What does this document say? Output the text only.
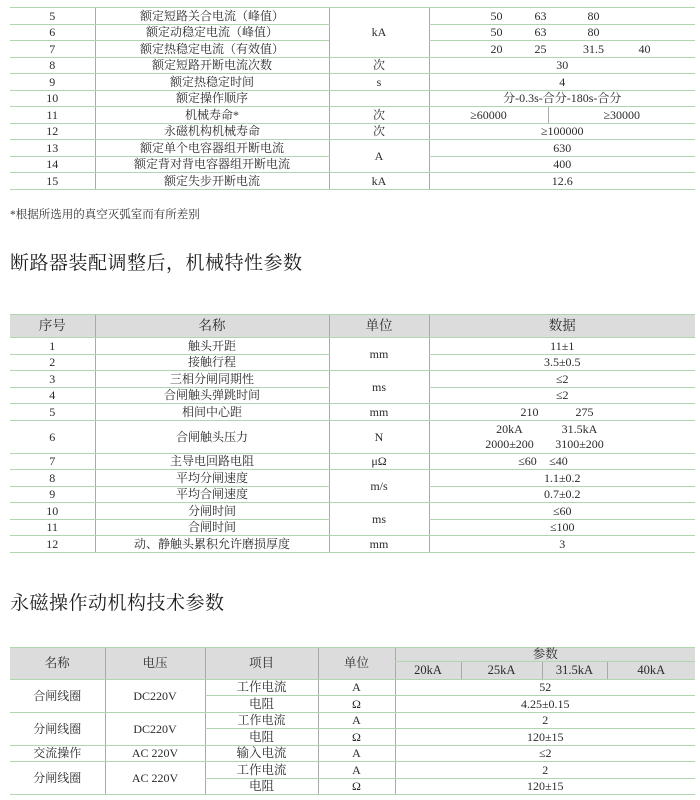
5	额定短路关合电流（峰值）	kA	50 63 80	

6	额定动稳定电流（峰值）		50 63 80	

7	额定热稳定电流（有效值）		20 25 31.5 40	

8	额定短路开断电流次数	次	30	
9	额定热稳定时间	s	4	
10	额定操作顺序		分-0.3s-合分-180s-合分	
11	机械寿命*	次	≥60000	≥30000
12	永磁机构机械寿命	次	≥100000	
13	额定单个电容器组开断电流	A	630	
14	额定背对背电容器组开断电流		400	
15	额定失步开断电流	kA	12.6	
*根据所选用的真空灭弧室而有所差别
断路器装配调整后，机械特性参数
序号	名称	单位	数据
1	触头开距	mm	11±1
2	接触行程		3.5±0.5
3	三相分闸同期性	ms	≤2
4	合闸触头弹跳时间		≤2
5	相间中心距	mm	210 275

6	合闸触头压力	N	20kA
2000±200
31.5kA
3100±200

7	主导电回路电阻	μΩ	≤60 ≤40

8	平均分闸速度	m/s	1.1±0.2
9	平均合闸速度		0.7±0.2
10	分闸时间	ms	≤60
11	合闸时间		≤100
12	动、静触头累积允许磨损厚度	mm	3
永磁操作动机构技术参数
名称	电压	项目	单位	参数			
				20kA	25kA	31.5kA	40kA
合闸线圈	DC220V	工作电流	A	52			
		电阻	Ω	4.25±0.15			
分闸线圈	DC220V	工作电流	A	2			
		电阻	Ω	120±15			
交流操作	AC 220V	输入电流	A	≤2			
分闸线圈	AC 220V	工作电流	A	2			
		电阻	Ω	120±15			
